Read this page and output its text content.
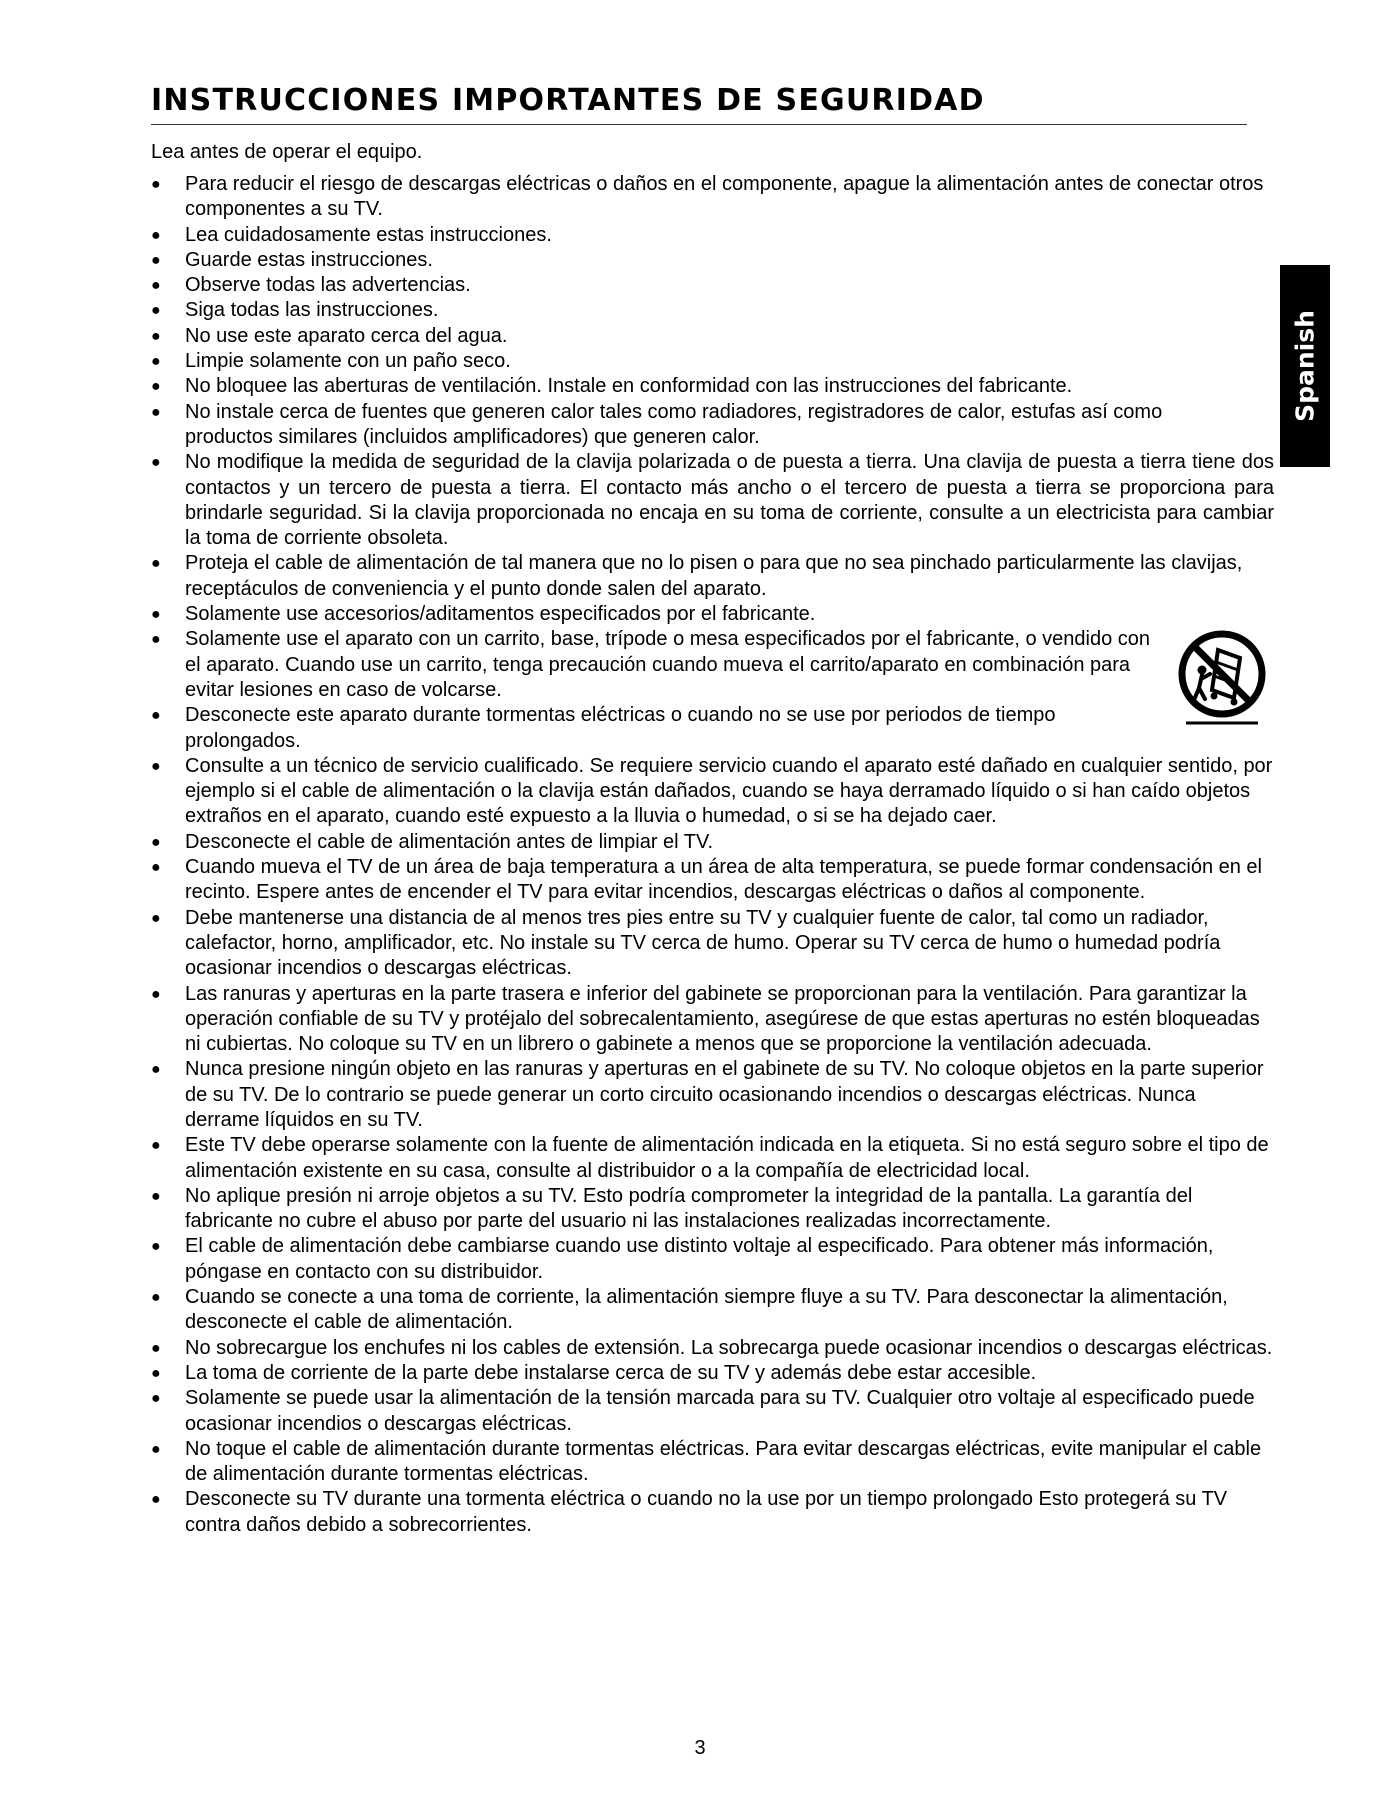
INSTRUCCIONES IMPORTANTES DE SEGURIDAD

Lea antes de operar el equipo.

● Para reducir el riesgo de descargas eléctricas o daños en el componente, apague la alimentación antes de conectar otros componentes a su TV.
● Lea cuidadosamente estas instrucciones.
● Guarde estas instrucciones.
● Observe todas las advertencias.
● Siga todas las instrucciones.
● No use este aparato cerca del agua.
● Limpie solamente con un paño seco.
● No bloquee las aberturas de ventilación. Instale en conformidad con las instrucciones del fabricante.
● No instale cerca de fuentes que generen calor tales como radiadores, registradores de calor, estufas así como productos similares (incluidos amplificadores) que generen calor.
● No modifique la medida de seguridad de la clavija polarizada o de puesta a tierra. Una clavija de puesta a tierra tiene dos contactos y un tercero de puesta a tierra. El contacto más ancho o el tercero de puesta a tierra se proporciona para brindarle seguridad. Si la clavija proporcionada no encaja en su toma de corriente, consulte a un electricista para cambiar la toma de corriente obsoleta.
● Proteja el cable de alimentación de tal manera que no lo pisen o para que no sea pinchado particularmente las clavijas, receptáculos de conveniencia y el punto donde salen del aparato.
● Solamente use accesorios/aditamentos especificados por el fabricante.
● Solamente use el aparato con un carrito, base, trípode o mesa especificados por el fabricante, o vendido con el aparato. Cuando use un carrito, tenga precaución cuando mueva el carrito/aparato en combinación para evitar lesiones en caso de volcarse.
● Desconecte este aparato durante tormentas eléctricas o cuando no se use por periodos de tiempo prolongados.
● Consulte a un técnico de servicio cualificado. Se requiere servicio cuando el aparato esté dañado en cualquier sentido, por ejemplo si el cable de alimentación o la clavija están dañados, cuando se haya derramado líquido o si han caído objetos extraños en el aparato, cuando esté expuesto a la lluvia o humedad, o si se ha dejado caer.
● Desconecte el cable de alimentación antes de limpiar el TV.
● Cuando mueva el TV de un área de baja temperatura a un área de alta temperatura, se puede formar condensación en el recinto. Espere antes de encender el TV para evitar incendios, descargas eléctricas o daños al componente.
● Debe mantenerse una distancia de al menos tres pies entre su TV y cualquier fuente de calor, tal como un radiador, calefactor, horno, amplificador, etc. No instale su TV cerca de humo. Operar su TV cerca de humo o humedad podría ocasionar incendios o descargas eléctricas.
● Las ranuras y aperturas en la parte trasera e inferior del gabinete se proporcionan para la ventilación. Para garantizar la operación confiable de su TV y protéjalo del sobrecalentamiento, asegúrese de que estas aperturas no estén bloqueadas ni cubiertas. No coloque su TV en un librero o gabinete a menos que se proporcione la ventilación adecuada.
● Nunca presione ningún objeto en las ranuras y aperturas en el gabinete de su TV. No coloque objetos en la parte superior de su TV. De lo contrario se puede generar un corto circuito ocasionando incendios o descargas eléctricas. Nunca derrame líquidos en su TV.
● Este TV debe operarse solamente con la fuente de alimentación indicada en la etiqueta. Si no está seguro sobre el tipo de alimentación existente en su casa, consulte al distribuidor o a la compañía de electricidad local.
● No aplique presión ni arroje objetos a su TV. Esto podría comprometer la integridad de la pantalla. La garantía del fabricante no cubre el abuso por parte del usuario ni las instalaciones realizadas incorrectamente.
● El cable de alimentación debe cambiarse cuando use distinto voltaje al especificado. Para obtener más información, póngase en contacto con su distribuidor.
● Cuando se conecte a una toma de corriente, la alimentación siempre fluye a su TV. Para desconectar la alimentación, desconecte el cable de alimentación.
● No sobrecargue los enchufes ni los cables de extensión. La sobrecarga puede ocasionar incendios o descargas eléctricas.
● La toma de corriente de la parte debe instalarse cerca de su TV y además debe estar accesible.
● Solamente se puede usar la alimentación de la tensión marcada para su TV. Cualquier otro voltaje al especificado puede ocasionar incendios o descargas eléctricas.
● No toque el cable de alimentación durante tormentas eléctricas. Para evitar descargas eléctricas, evite manipular el cable de alimentación durante tormentas eléctricas.
● Desconecte su TV durante una tormenta eléctrica o cuando no la use por un tiempo prolongado Esto protegerá su TV contra daños debido a sobrecorrientes.
Spanish
3
